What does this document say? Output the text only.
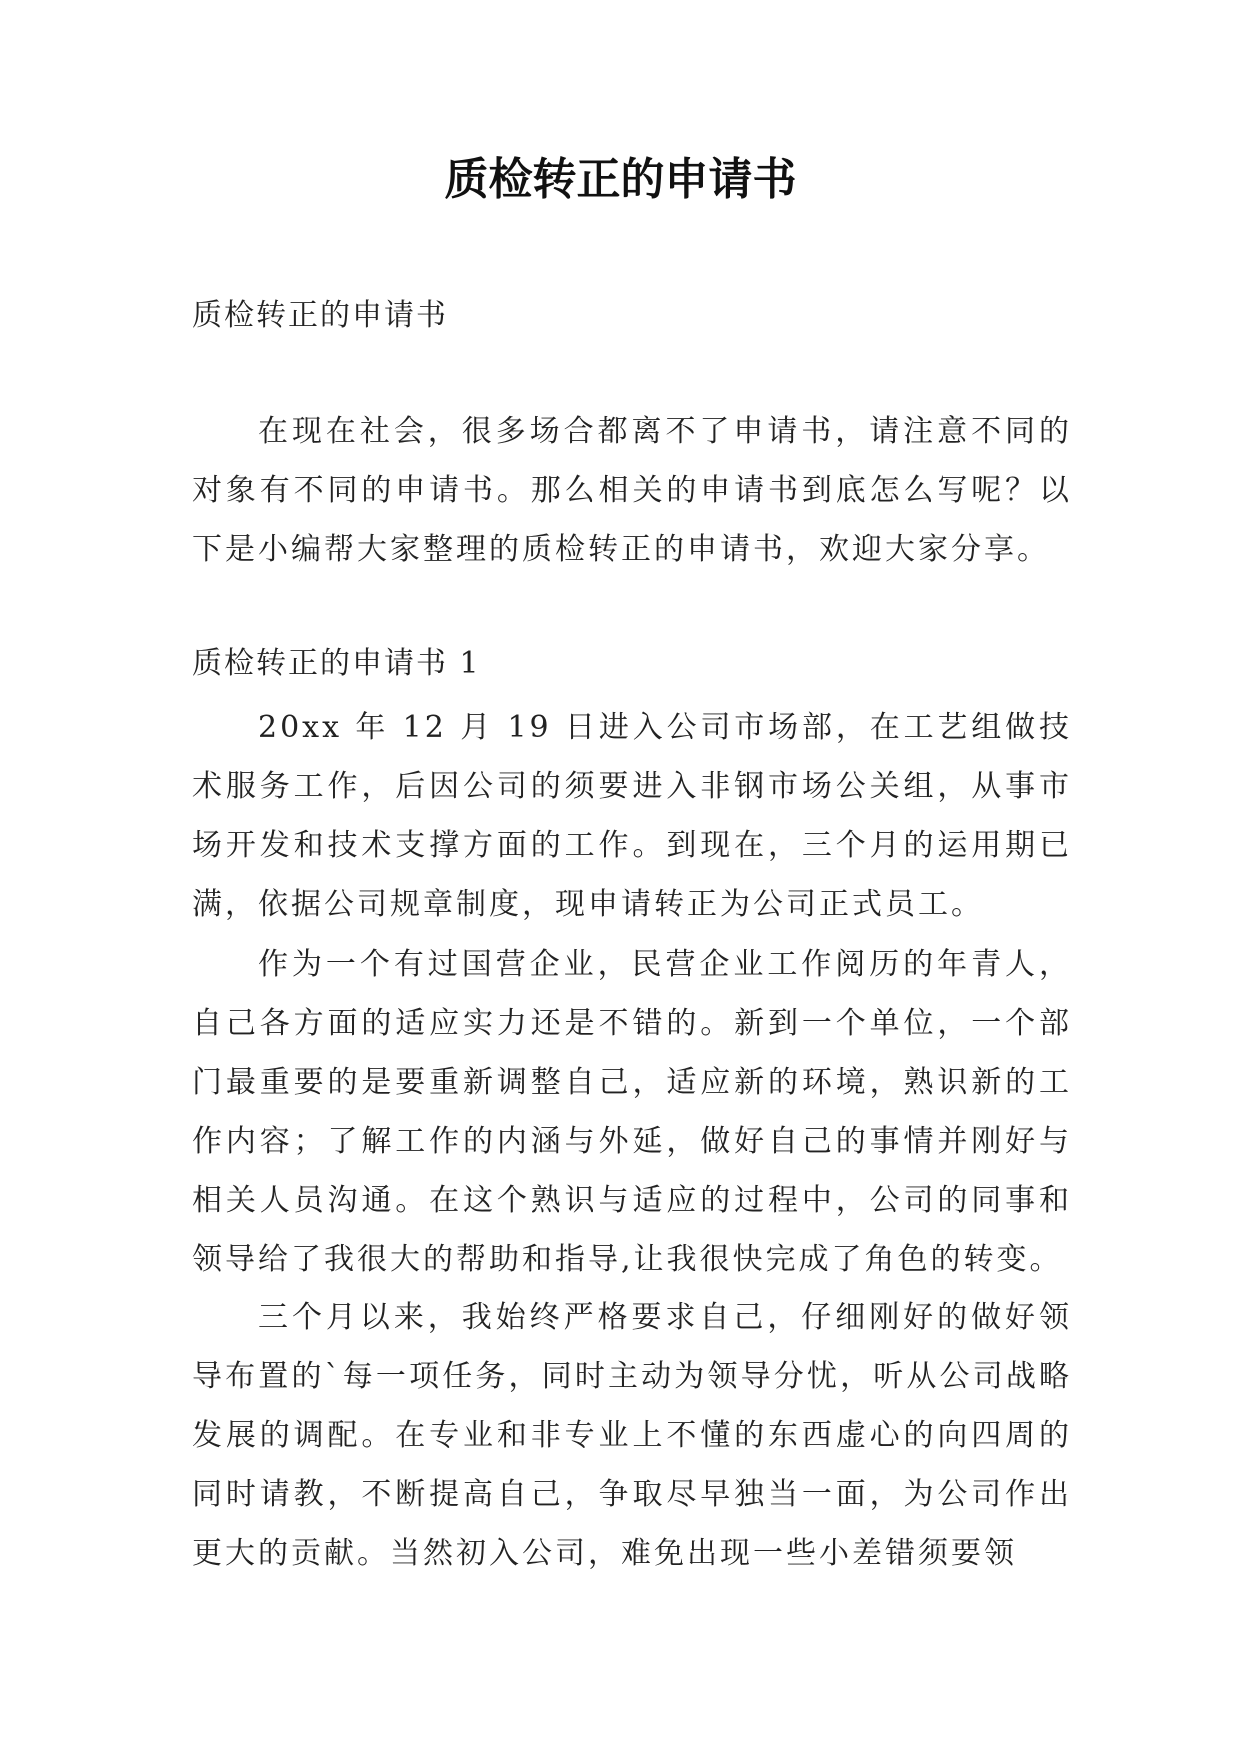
质检转正的申请书
质检转正的申请书

在现在社会，很多场合都离不了申请书，请注意不同的对象有不同的申请书。那么相关的申请书到底怎么写呢？以下是小编帮大家整理的质检转正的申请书，欢迎大家分享。

质检转正的申请书 1

20xx 年 12 月 19 日进入公司市场部，在工艺组做技术服务工作，后因公司的须要进入非钢市场公关组，从事市场开发和技术支撑方面的工作。到现在，三个月的运用期已满，依据公司规章制度，现申请转正为公司正式员工。

作为一个有过国营企业，民营企业工作阅历的年青人，自己各方面的适应实力还是不错的。新到一个单位，一个部门最重要的是要重新调整自己，适应新的环境，熟识新的工作内容；了解工作的内涵与外延，做好自己的事情并刚好与相关人员沟通。在这个熟识与适应的过程中，公司的同事和领导给了我很大的帮助和指导,让我很快完成了角色的转变。

三个月以来，我始终严格要求自己，仔细刚好的做好领导布置的`每一项任务，同时主动为领导分忧，听从公司战略发展的调配。在专业和非专业上不懂的东西虚心的向四周的同时请教，不断提高自己，争取尽早独当一面，为公司作出更大的贡献。当然初入公司，难免出现一些小差错须要领
